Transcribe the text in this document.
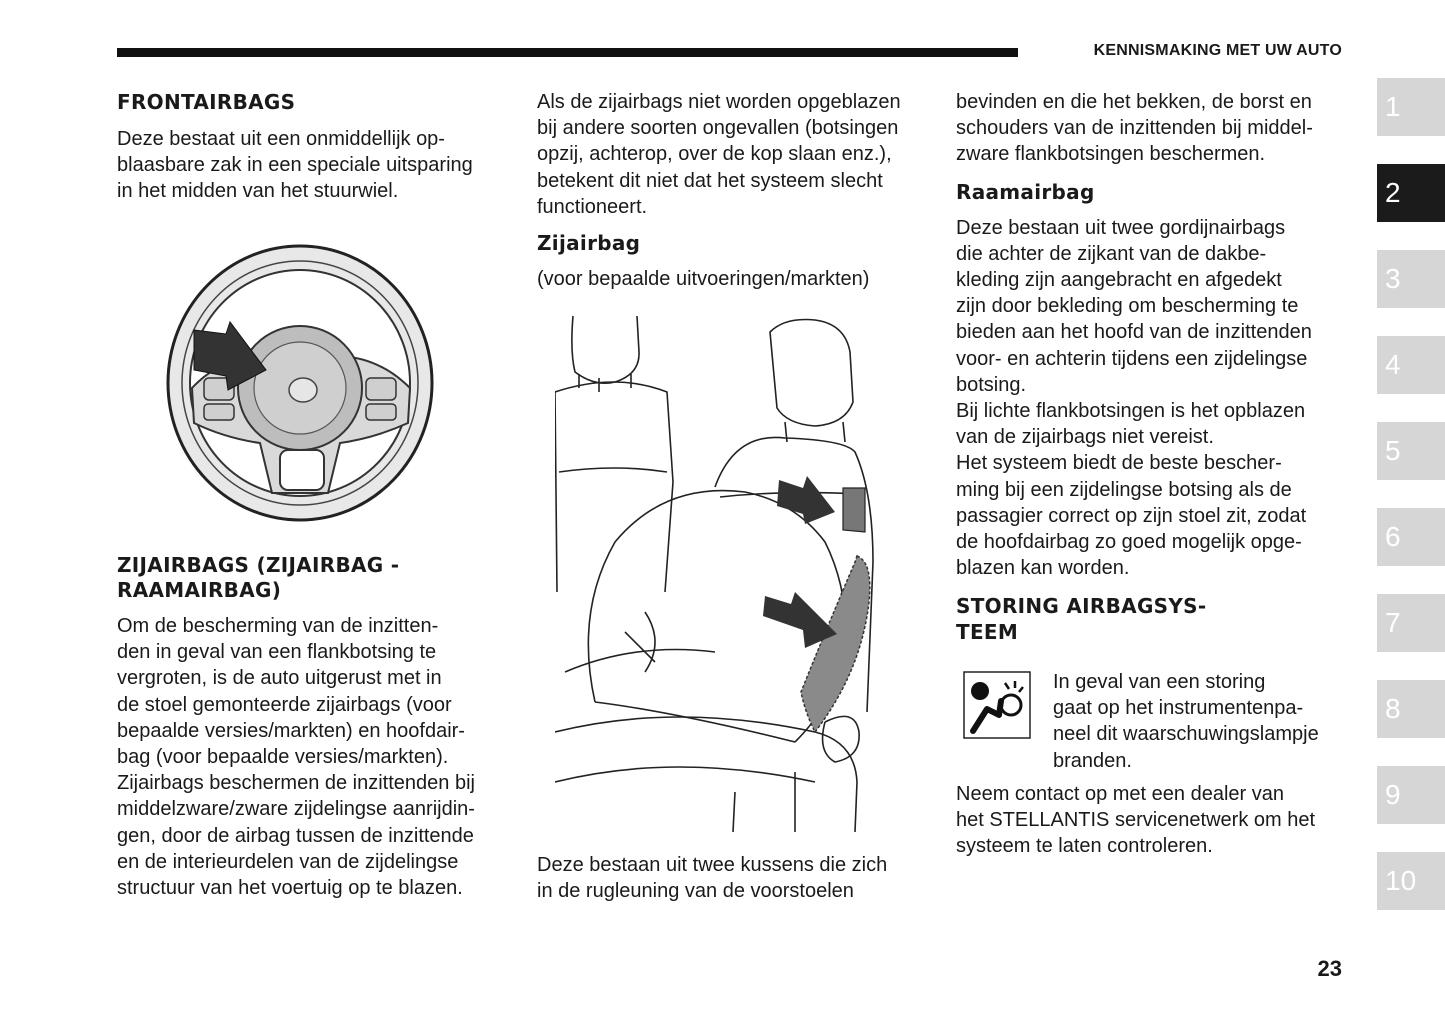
KENNISMAKING MET UW AUTO
FRONTAIRBAGS

Deze bestaat uit een onmiddellijk op-
blaasbare zak in een speciale uitsparing
in het midden van het stuurwiel.

ZIJAIRBAGS (ZIJAIRBAG -
RAAMAIRBAG)

Om de bescherming van de inzitten-
den in geval van een flankbotsing te
vergroten, is de auto uitgerust met in
de stoel gemonteerde zijairbags (voor
bepaalde versies/markten) en hoofdair-
bag (voor bepaalde versies/markten).
Zijairbags beschermen de inzittenden bij
middelzware/zware zijdelingse aanrijdin-
gen, door de airbag tussen de inzittende
en de interieurdelen van de zijdelingse
structuur van het voertuig op te blazen.

Als de zijairbags niet worden opgeblazen
bij andere soorten ongevallen (botsingen
opzij, achterop, over de kop slaan enz.),
betekent dit niet dat het systeem slecht
functioneert.

Zijairbag

(voor bepaalde uitvoeringen/markten)

Deze bestaan uit twee kussens die zich
in de rugleuning van de voorstoelen

bevinden en die het bekken, de borst en
schouders van de inzittenden bij middel-
zware flankbotsingen beschermen.

Raamairbag

Deze bestaan uit twee gordijnairbags
die achter de zijkant van de dakbe-
kleding zijn aangebracht en afgedekt
zijn door bekleding om bescherming te
bieden aan het hoofd van de inzittenden
voor- en achterin tijdens een zijdelingse
botsing.
Bij lichte flankbotsingen is het opblazen
van de zijairbags niet vereist.
Het systeem biedt de beste bescher-
ming bij een zijdelingse botsing als de
passagier correct op zijn stoel zit, zodat
de hoofdairbag zo goed mogelijk opge-
blazen kan worden.

STORING AIRBAGSYS-
TEEM

In geval van een storing
gaat op het instrumentenpa-
neel dit waarschuwingslampje
branden.

Neem contact op met een dealer van
het STELLANTIS servicenetwerk om het
systeem te laten controleren.

1
2
3
4
5
6
7
8
9
10
23
